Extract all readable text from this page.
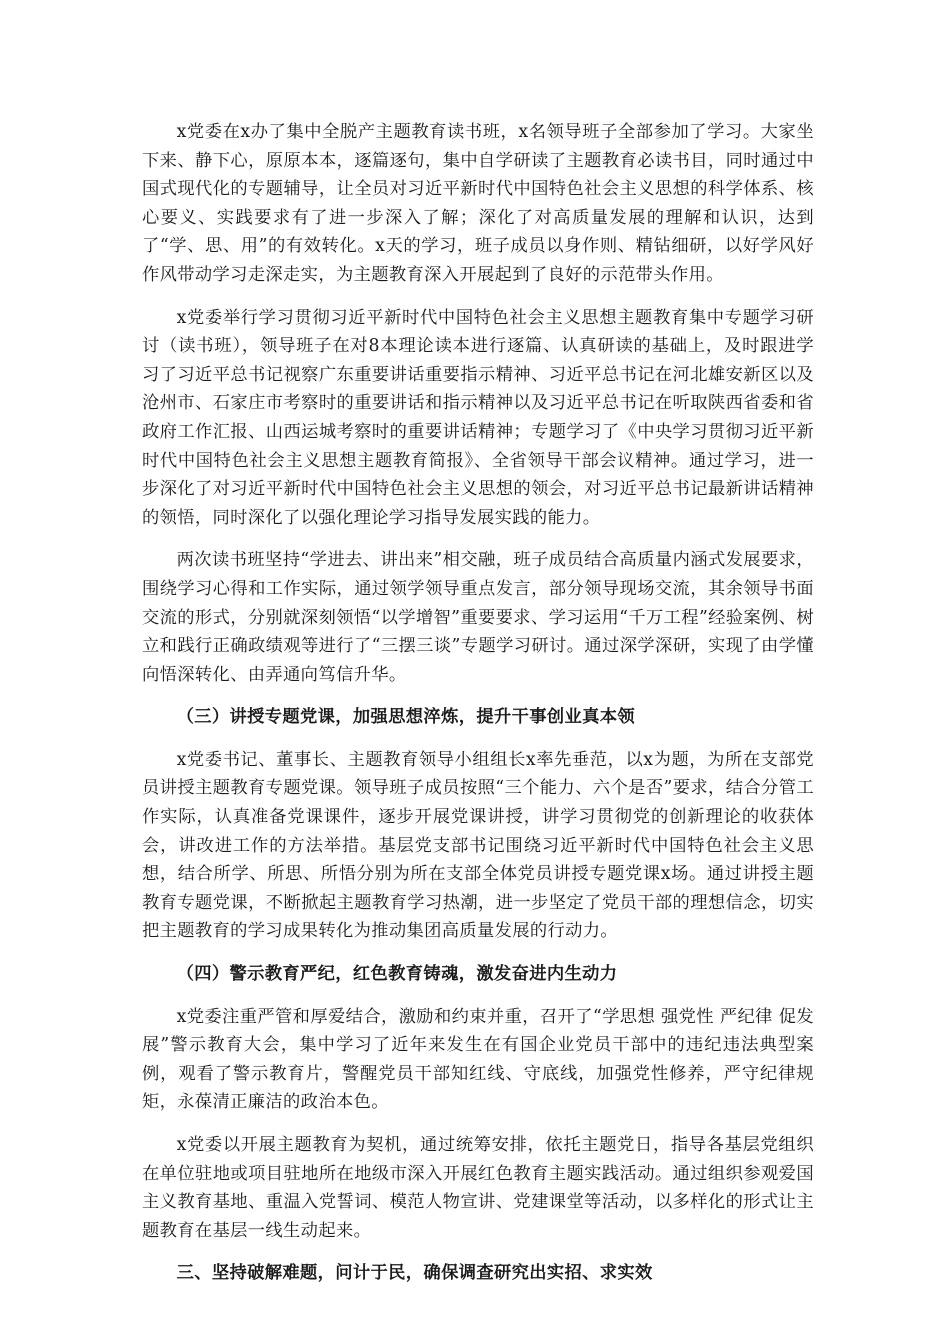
x党委在x办了集中全脱产主题教育读书班，x名领导班子全部参加了学习。大家坐下来、静下心，原原本本，逐篇逐句，集中自学研读了主题教育必读书目，同时通过中国式现代化的专题辅导，让全员对习近平新时代中国特色社会主义思想的科学体系、核心要义、实践要求有了进一步深入了解；深化了对高质量发展的理解和认识，达到了“学、思、用”的有效转化。x天的学习，班子成员以身作则、精钻细研，以好学风好作风带动学习走深走实，为主题教育深入开展起到了良好的示范带头作用。

x党委举行学习贯彻习近平新时代中国特色社会主义思想主题教育集中专题学习研讨（读书班），领导班子在对8本理论读本进行逐篇、认真研读的基础上，及时跟进学习了习近平总书记视察广东重要讲话重要指示精神、习近平总书记在河北雄安新区以及沧州市、石家庄市考察时的重要讲话和指示精神以及习近平总书记在听取陕西省委和省政府工作汇报、山西运城考察时的重要讲话精神；专题学习了《中央学习贯彻习近平新时代中国特色社会主义思想主题教育简报》、全省领导干部会议精神。通过学习，进一步深化了对习近平新时代中国特色社会主义思想的领会，对习近平总书记最新讲话精神的领悟，同时深化了以强化理论学习指导发展实践的能力。

两次读书班坚持“学进去、讲出来”相交融，班子成员结合高质量内涵式发展要求，围绕学习心得和工作实际，通过领学领导重点发言，部分领导现场交流，其余领导书面交流的形式，分别就深刻领悟“以学增智”重要要求、学习运用“千万工程”经验案例、树立和践行正确政绩观等进行了“三摆三谈”专题学习研讨。通过深学深研，实现了由学懂向悟深转化、由弄通向笃信升华。

（三）讲授专题党课，加强思想淬炼，提升干事创业真本领

x党委书记、董事长、主题教育领导小组组长x率先垂范，以x为题，为所在支部党员讲授主题教育专题党课。领导班子成员按照“三个能力、六个是否”要求，结合分管工作实际，认真准备党课课件，逐步开展党课讲授，讲学习贯彻党的创新理论的收获体会，讲改进工作的方法举措。基层党支部书记围绕习近平新时代中国特色社会主义思想，结合所学、所思、所悟分别为所在支部全体党员讲授专题党课x场。通过讲授主题教育专题党课，不断掀起主题教育学习热潮，进一步坚定了党员干部的理想信念，切实把主题教育的学习成果转化为推动集团高质量发展的行动力。

（四）警示教育严纪，红色教育铸魂，激发奋进内生动力

x党委注重严管和厚爱结合，激励和约束并重，召开了“学思想 强党性 严纪律 促发展”警示教育大会，集中学习了近年来发生在有国企业党员干部中的违纪违法典型案例，观看了警示教育片，警醒党员干部知红线、守底线，加强党性修养，严守纪律规矩，永葆清正廉洁的政治本色。

x党委以开展主题教育为契机，通过统筹安排，依托主题党日，指导各基层党组织在单位驻地或项目驻地所在地级市深入开展红色教育主题实践活动。通过组织参观爱国主义教育基地、重温入党誓词、模范人物宣讲、党建课堂等活动，以多样化的形式让主题教育在基层一线生动起来。

三、坚持破解难题，问计于民，确保调查研究出实招、求实效
